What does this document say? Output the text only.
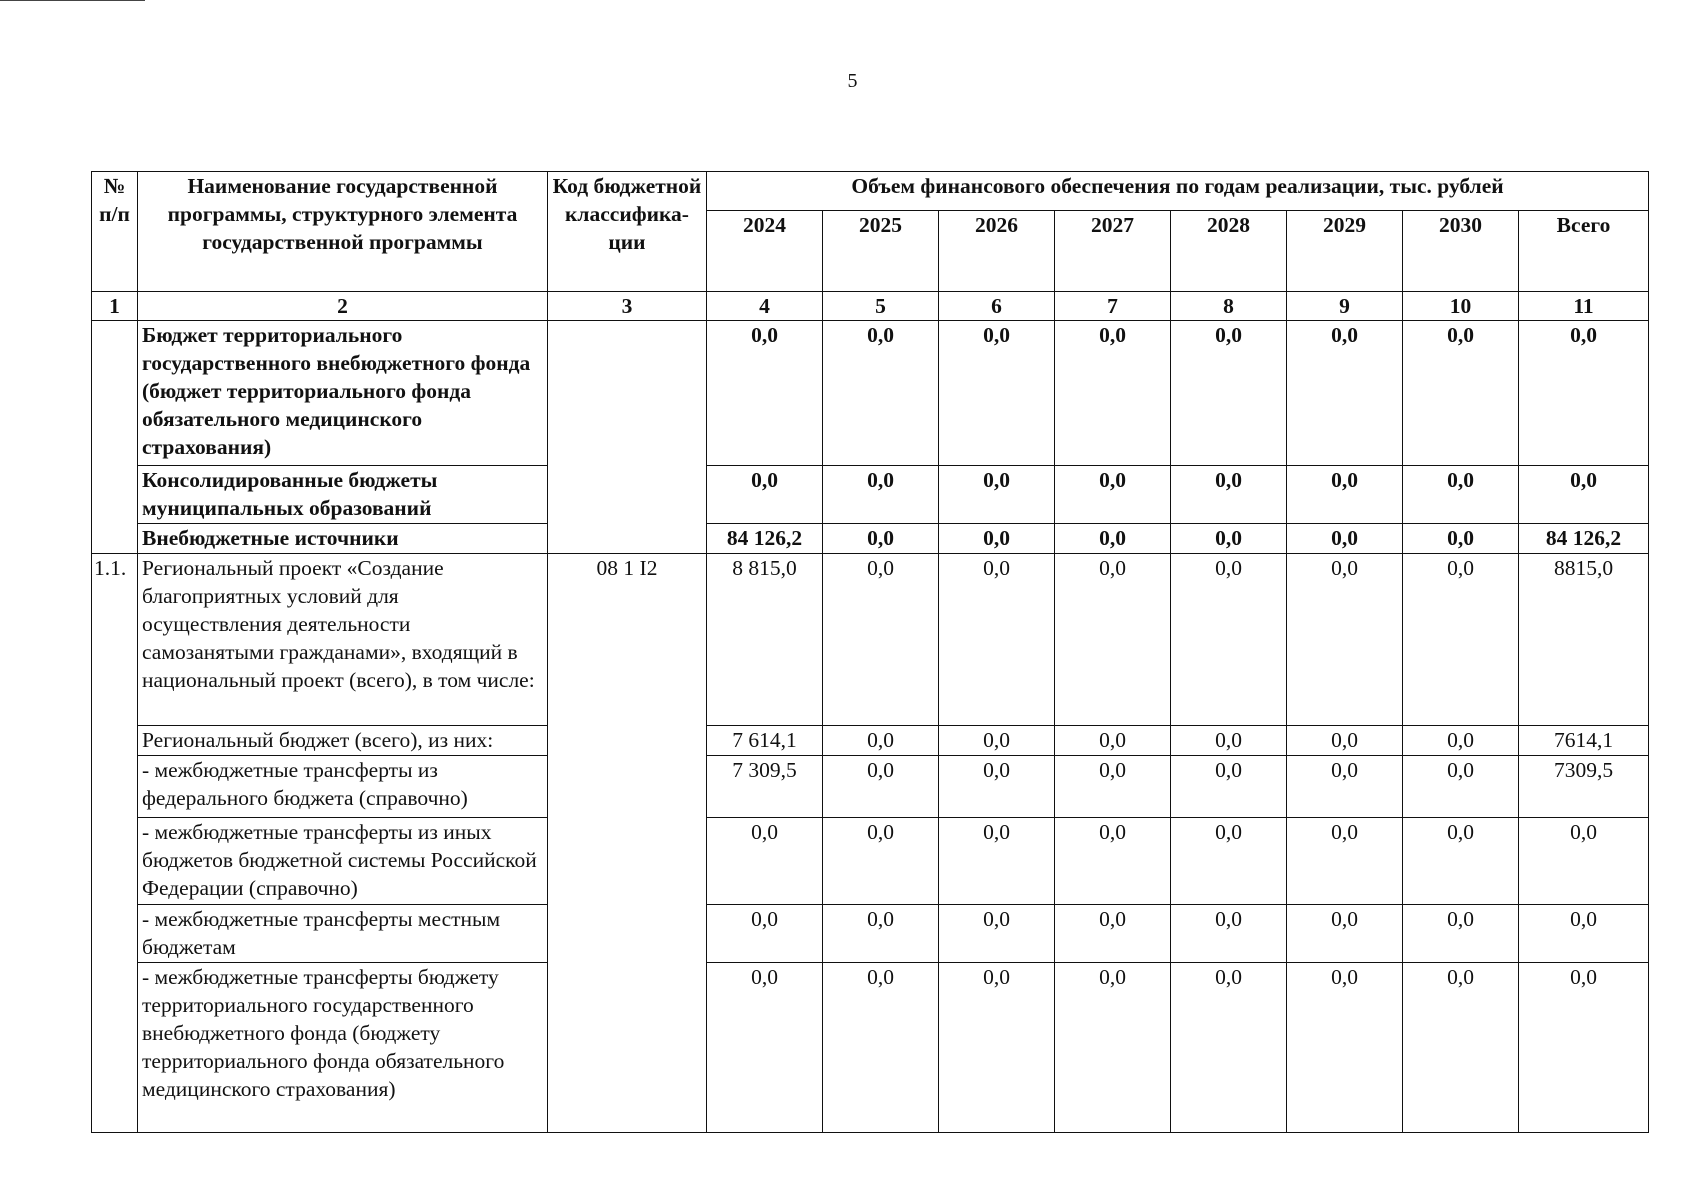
5
№ п/п	Наименование государственной программы, структурного элемента государственной программы	Код бюджетной классифика-ции	Объем финансового обеспечения по годам реализации, тыс. рублей							
			2024	2025	2026	2027	2028	2029	2030	Всего
1	2	3	4	5	6	7	8	9	10	11
	Бюджет территориального государственного внебюджетного фонда (бюджет территориального фонда обязательного медицинского страхования)		0,0	0,0	0,0	0,0	0,0	0,0	0,0	0,0
	Консолидированные бюджеты муниципальных образований		0,0	0,0	0,0	0,0	0,0	0,0	0,0	0,0
	Внебюджетные источники		84 126,2	0,0	0,0	0,0	0,0	0,0	0,0	84 126,2
1.1.	Региональный проект «Создание благоприятных условий для осуществления деятельности самозанятыми гражданами», входящий в национальный проект (всего), в том числе:	08 1 I2	8 815,0	0,0	0,0	0,0	0,0	0,0	0,0	8815,0
	Региональный бюджет (всего), из них:		7 614,1	0,0	0,0	0,0	0,0	0,0	0,0	7614,1
	- межбюджетные трансферты из федерального бюджета (справочно)		7 309,5	0,0	0,0	0,0	0,0	0,0	0,0	7309,5
	- межбюджетные трансферты из иных бюджетов бюджетной системы Российской Федерации (справочно)		0,0	0,0	0,0	0,0	0,0	0,0	0,0	0,0
	- межбюджетные трансферты местным бюджетам		0,0	0,0	0,0	0,0	0,0	0,0	0,0	0,0
	- межбюджетные трансферты бюджету территориального государственного внебюджетного фонда (бюджету территориального фонда обязательного медицинского страхования)		0,0	0,0	0,0	0,0	0,0	0,0	0,0	0,0
